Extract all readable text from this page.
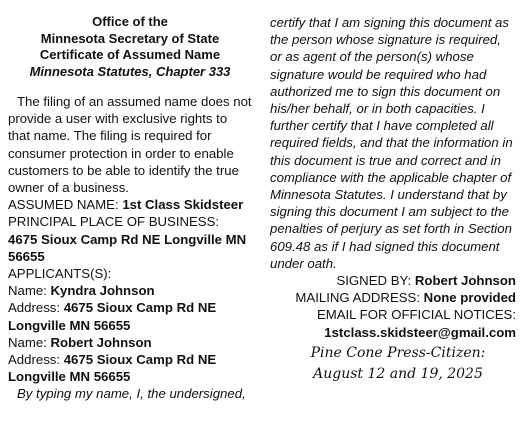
Office of the
Minnesota Secretary of State
Certificate of Assumed Name
Minnesota Statutes, Chapter 333

The filing of an assumed name does not provide a user with exclusive rights to that name. The filing is required for consumer protection in order to enable customers to be able to identify the true owner of a business.

ASSUMED NAME: 1st Class Skidsteer

PRINCIPAL PLACE OF BUSINESS: 4675 Sioux Camp Rd NE Longville MN 56655

APPLICANTS(S):

Name: Kyndra Johnson

Address: 4675 Sioux Camp Rd NE Longville MN 56655

Name: Robert Johnson

Address: 4675 Sioux Camp Rd NE Longville MN 56655

By typing my name, I, the undersigned,

certify that I am signing this document as the person whose signature is required, or as agent of the person(s) whose signature would be required who had authorized me to sign this document on his/her behalf, or in both capacities. I further certify that I have completed all required fields, and that the information in this document is true and correct and in compliance with the applicable chapter of Minnesota Statutes. I understand that by signing this document I am subject to the penalties of perjury as set forth in Section 609.48 as if I had signed this document under oath.

SIGNED BY: Robert Johnson

MAILING ADDRESS: None provided

EMAIL FOR OFFICIAL NOTICES:

1stclass.skidsteer@gmail.com

Pine Cone Press-Citizen:
August 12 and 19, 2025
